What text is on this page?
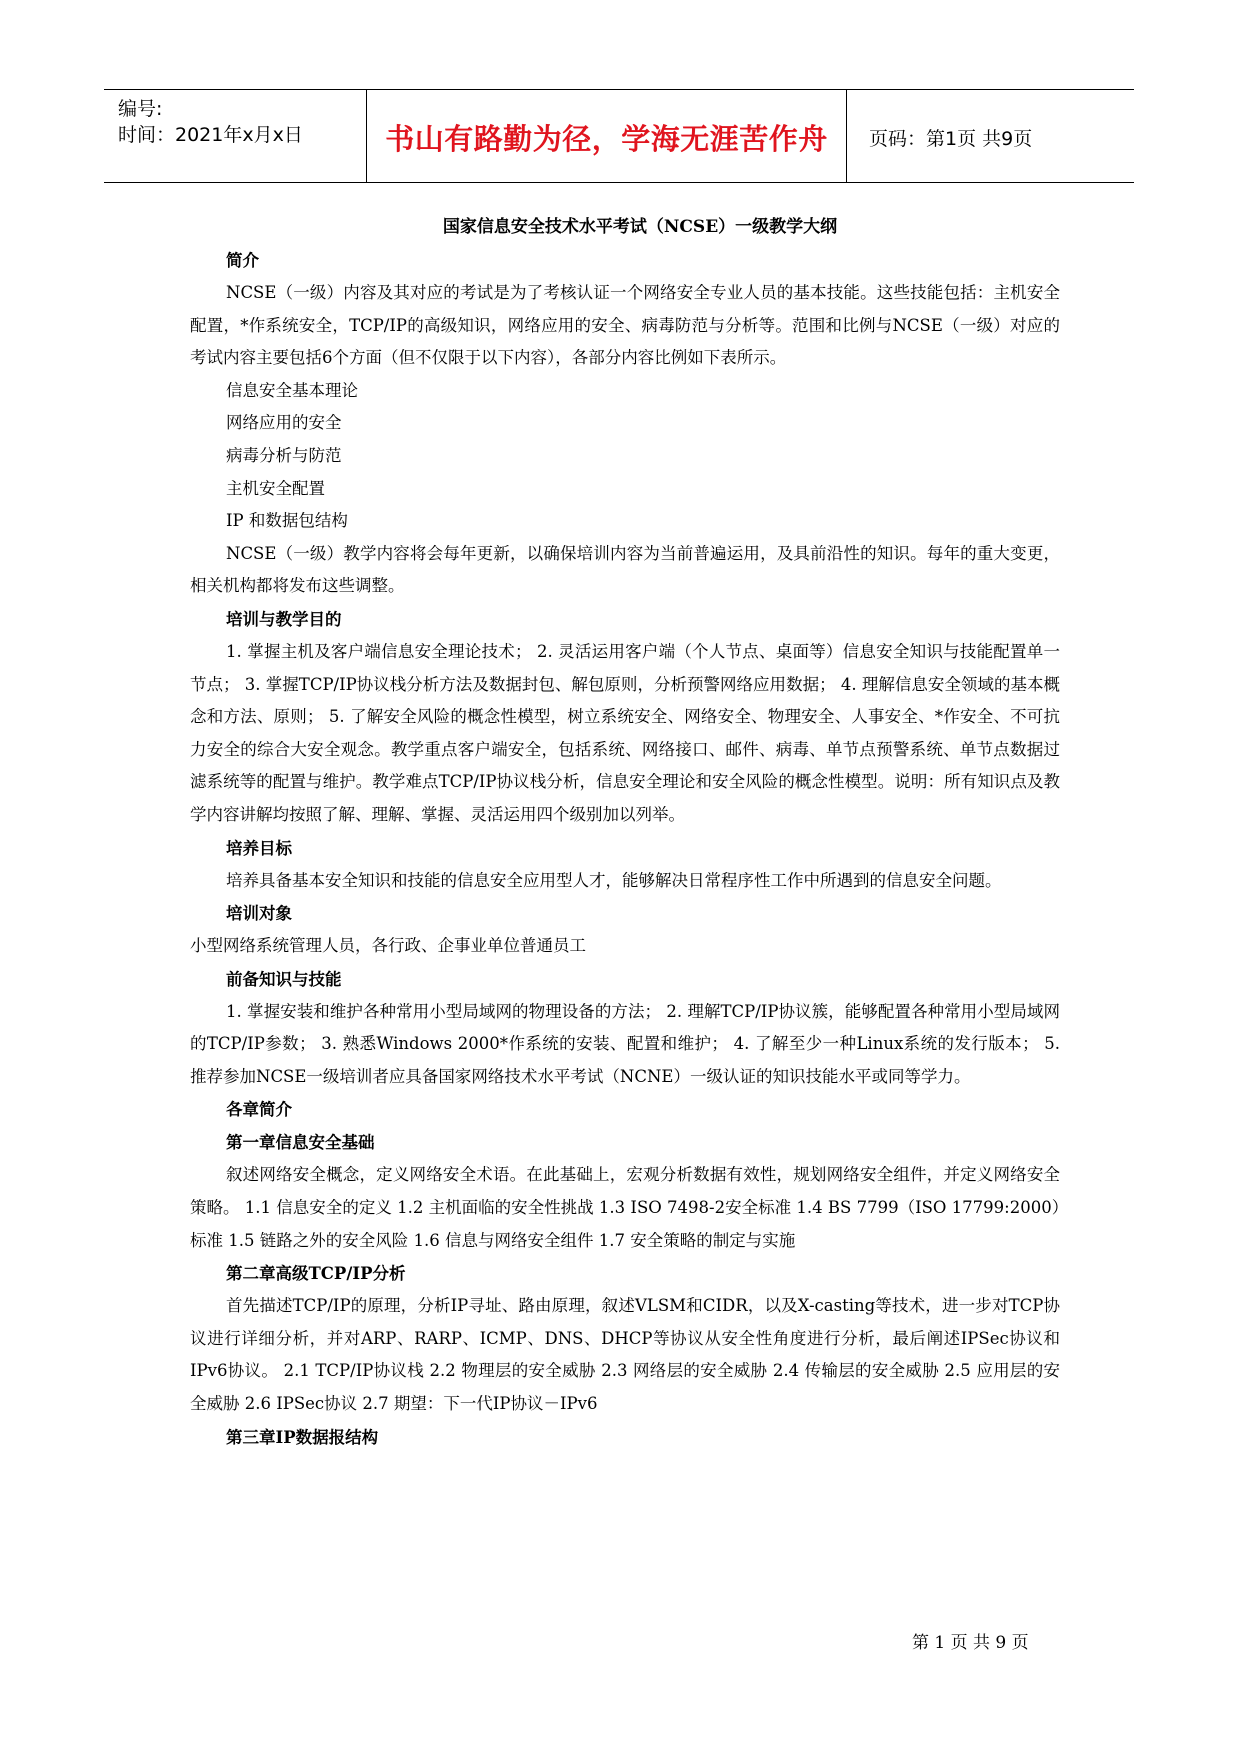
编号:
时间：2021年x月x日	书山有路勤为径，学海无涯苦作舟	页码：第1页 共9页
国家信息安全技术水平考试（NCSE）一级教学大纲
简介

NCSE（一级）内容及其对应的考试是为了考核认证一个网络安全专业人员的基本技能。这些技能包括：主机安全配置，*作系统安全，TCP/IP的高级知识，网络应用的安全、病毒防范与分析等。范围和比例与NCSE（一级）对应的考试内容主要包括6个方面（但不仅限于以下内容），各部分内容比例如下表所示。

信息安全基本理论
网络应用的安全
病毒分析与防范
主机安全配置
IP 和数据包结构

NCSE（一级）教学内容将会每年更新，以确保培训内容为当前普遍运用，及具前沿性的知识。每年的重大变更，相关机构都将发布这些调整。

培训与教学目的

1. 掌握主机及客户端信息安全理论技术； 2. 灵活运用客户端（个人节点、桌面等）信息安全知识与技能配置单一节点； 3. 掌握TCP/IP协议栈分析方法及数据封包、解包原则，分析预警网络应用数据； 4. 理解信息安全领域的基本概念和方法、原则； 5. 了解安全风险的概念性模型，树立系统安全、网络安全、物理安全、人事安全、*作安全、不可抗力安全的综合大安全观念。教学重点客户端安全，包括系统、网络接口、邮件、病毒、单节点预警系统、单节点数据过滤系统等的配置与维护。教学难点TCP/IP协议栈分析，信息安全理论和安全风险的概念性模型。说明：所有知识点及教学内容讲解均按照了解、理解、掌握、灵活运用四个级别加以列举。

培养目标

培养具备基本安全知识和技能的信息安全应用型人才，能够解决日常程序性工作中所遇到的信息安全问题。

培训对象

小型网络系统管理人员，各行政、企事业单位普通员工

前备知识与技能

1. 掌握安装和维护各种常用小型局域网的物理设备的方法； 2. 理解TCP/IP协议簇，能够配置各种常用小型局域网的TCP/IP参数； 3. 熟悉Windows 2000*作系统的安装、配置和维护； 4. 了解至少一种Linux系统的发行版本； 5. 推荐参加NCSE一级培训者应具备国家网络技术水平考试（NCNE）一级认证的知识技能水平或同等学力。

各章简介
第一章信息安全基础

叙述网络安全概念，定义网络安全术语。在此基础上，宏观分析数据有效性，规划网络安全组件，并定义网络安全策略。 1.1 信息安全的定义 1.2 主机面临的安全性挑战 1.3 ISO 7498-2安全标准 1.4 BS 7799（ISO 17799:2000）标准 1.5 链路之外的安全风险 1.6 信息与网络安全组件 1.7 安全策略的制定与实施

第二章高级TCP/IP分析

首先描述TCP/IP的原理，分析IP寻址、路由原理，叙述VLSM和CIDR，以及X-casting等技术，进一步对TCP协议进行详细分析，并对ARP、RARP、ICMP、DNS、DHCP等协议从安全性角度进行分析，最后阐述IPSec协议和IPv6协议。 2.1 TCP/IP协议栈 2.2 物理层的安全威胁 2.3 网络层的安全威胁 2.4 传输层的安全威胁 2.5 应用层的安全威胁 2.6 IPSec协议 2.7 期望：下一代IP协议－IPv6

第三章IP数据报结构
第 1 页 共 9 页
